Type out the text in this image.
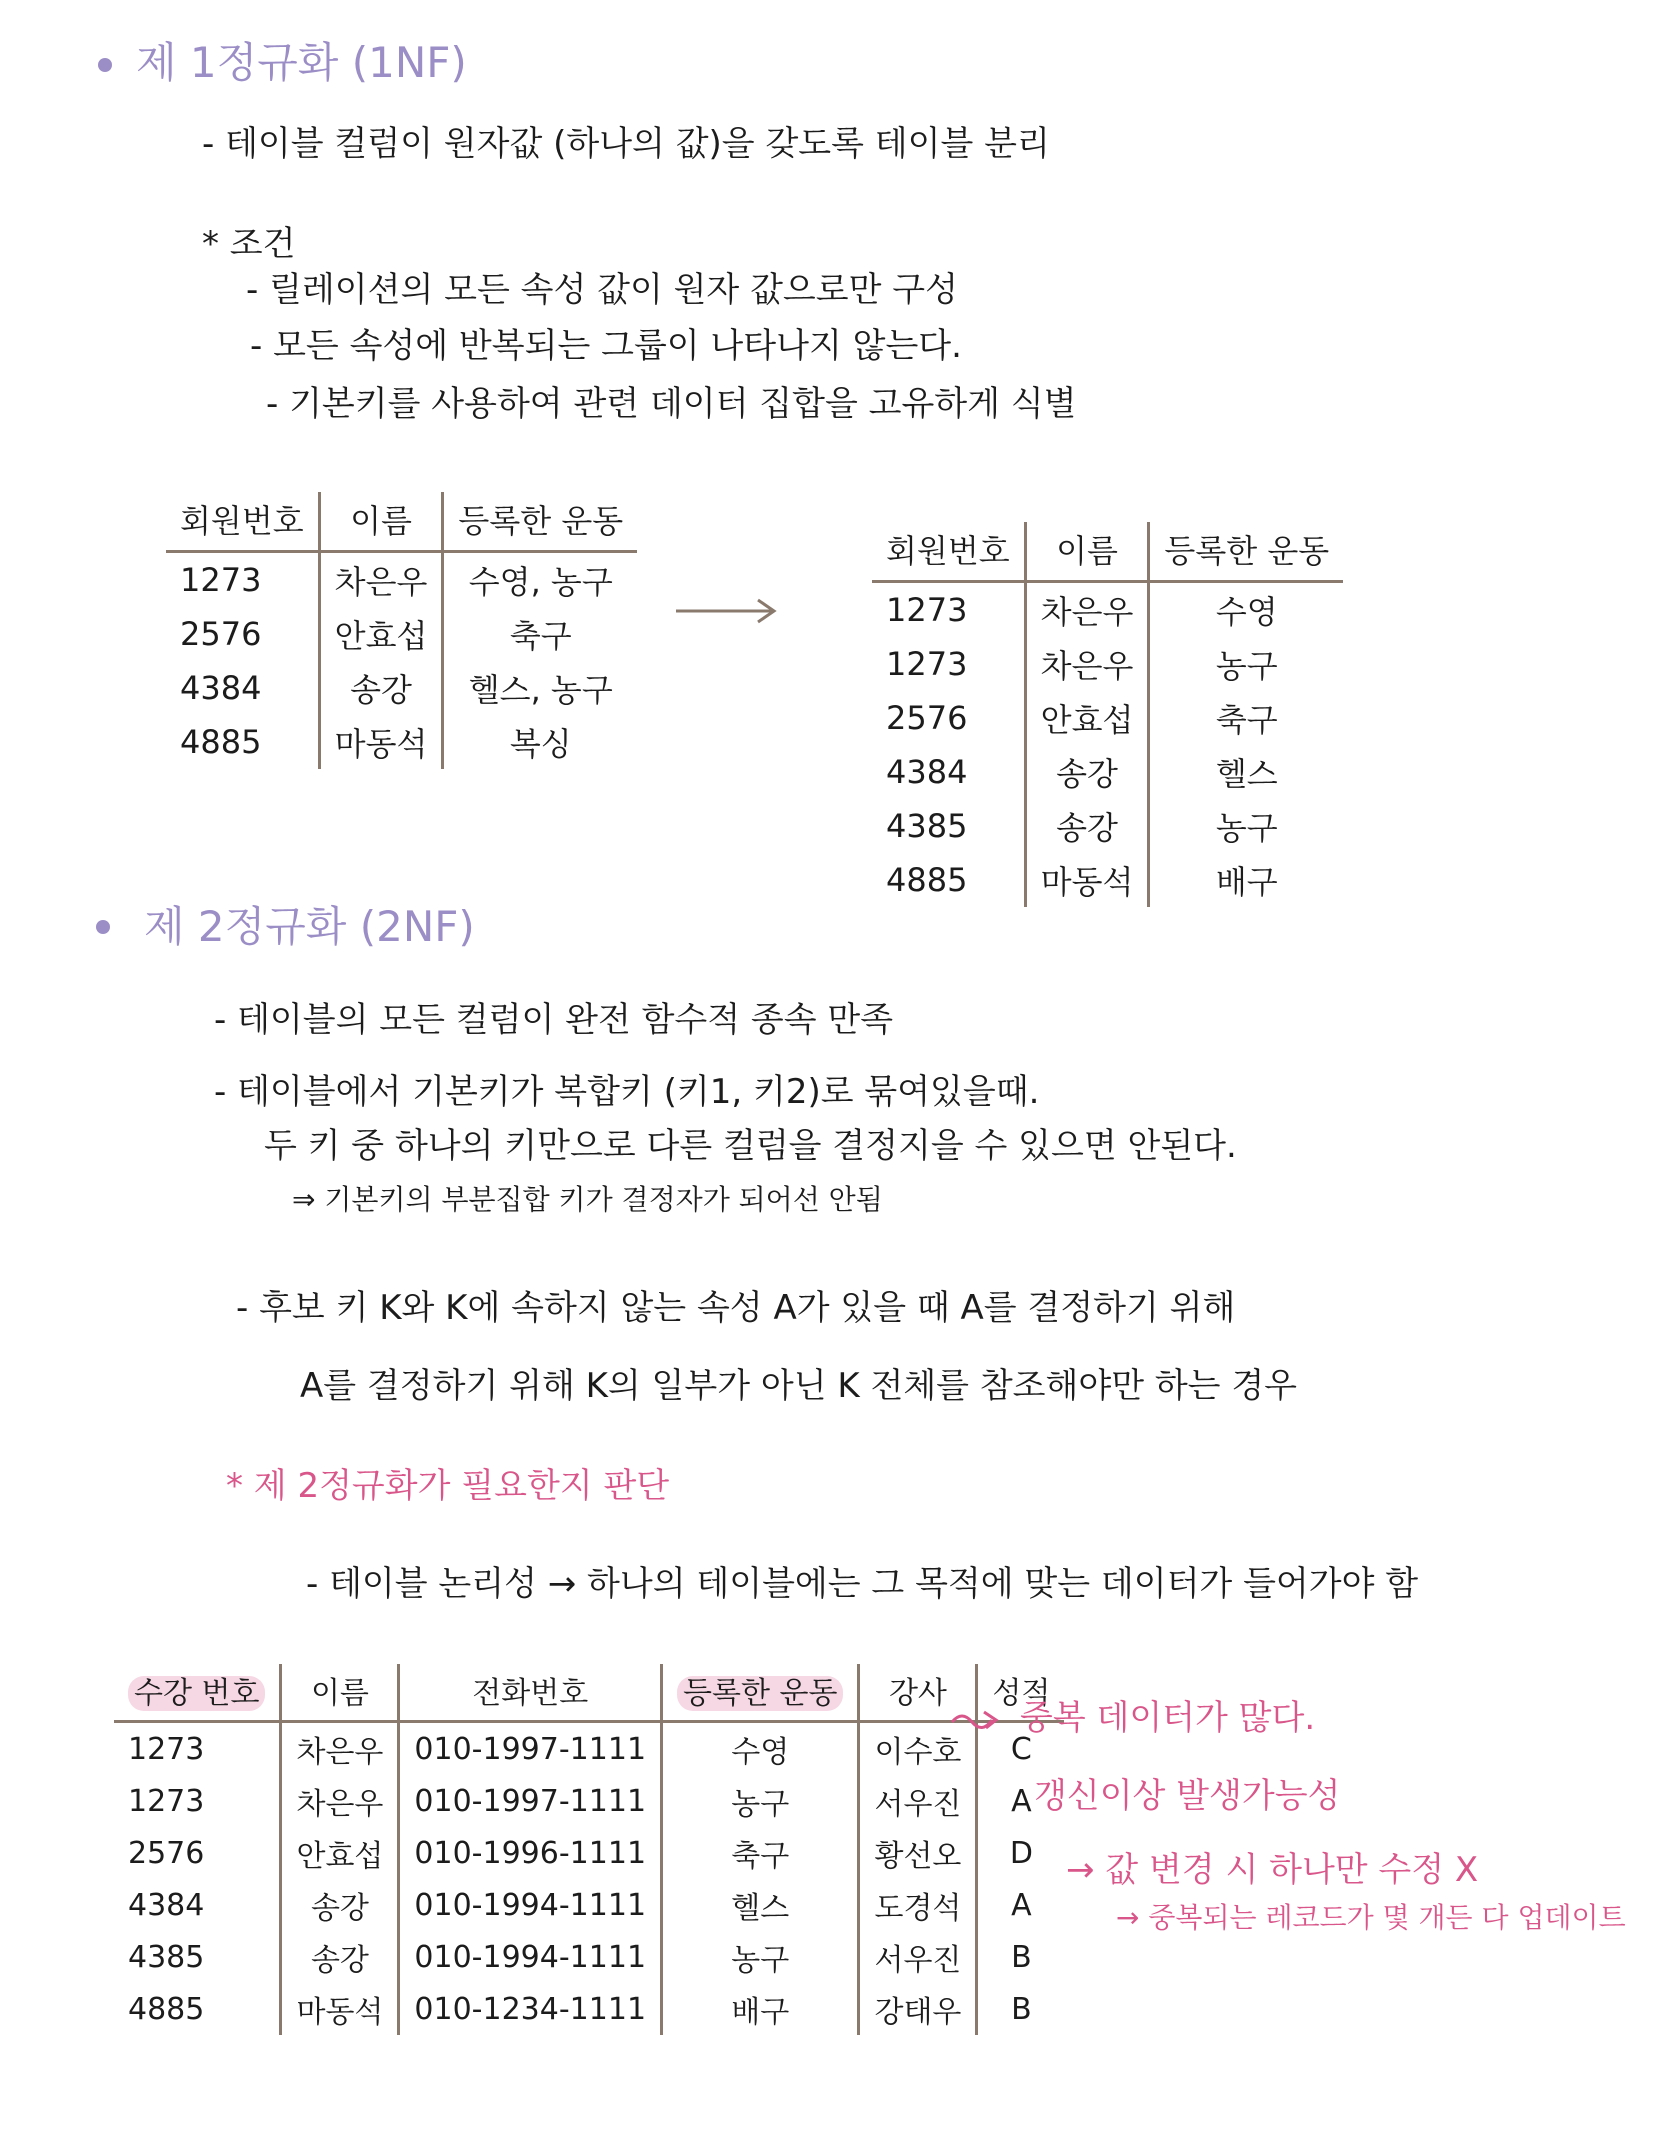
제 1정규화 (1NF)
- 테이블 컬럼이 원자값 (하나의 값)을 갖도록 테이블 분리
* 조건
- 릴레이션의 모든 속성 값이 원자 값으로만 구성
- 모든 속성에 반복되는 그룹이 나타나지 않는다.
- 기본키를 사용하여 관련 데이터 집합을 고유하게 식별
회원번호	이름	등록한 운동
1273	차은우	수영, 농구
2576	안효섭	축구
4384	송강	헬스, 농구
4885	마동석	복싱
회원번호	이름	등록한 운동
1273	차은우	수영
1273	차은우	농구
2576	안효섭	축구
4384	송강	헬스
4385	송강	농구
4885	마동석	배구
제 2정규화 (2NF)
- 테이블의 모든 컬럼이 완전 함수적 종속 만족
- 테이블에서 기본키가 복합키 (키1, 키2)로 묶여있을때.
두 키 중 하나의 키만으로 다른 컬럼을 결정지을 수 있으면 안된다.
⇒ 기본키의 부분집합 키가 결정자가 되어선 안됨
- 후보 키 K와 K에 속하지 않는 속성 A가 있을 때 A를 결정하기 위해
A를 결정하기 위해 K의 일부가 아닌 K 전체를 참조해야만 하는 경우
* 제 2정규화가 필요한지 판단
- 테이블 논리성 → 하나의 테이블에는 그 목적에 맞는 데이터가 들어가야 함
수강 번호	이름	전화번호	등록한 운동	강사	성적
1273	차은우	010-1997-1111	수영	이수호	C
1273	차은우	010-1997-1111	농구	서우진	A
2576	안효섭	010-1996-1111	축구	황선오	D
4384	송강	010-1994-1111	헬스	도경석	A
4385	송강	010-1994-1111	농구	서우진	B
4885	마동석	010-1234-1111	배구	강태우	B
중복 데이터가 많다.
갱신이상 발생가능성
→ 값 변경 시 하나만 수정 X
→ 중복되는 레코드가 몇 개든 다 업데이트
